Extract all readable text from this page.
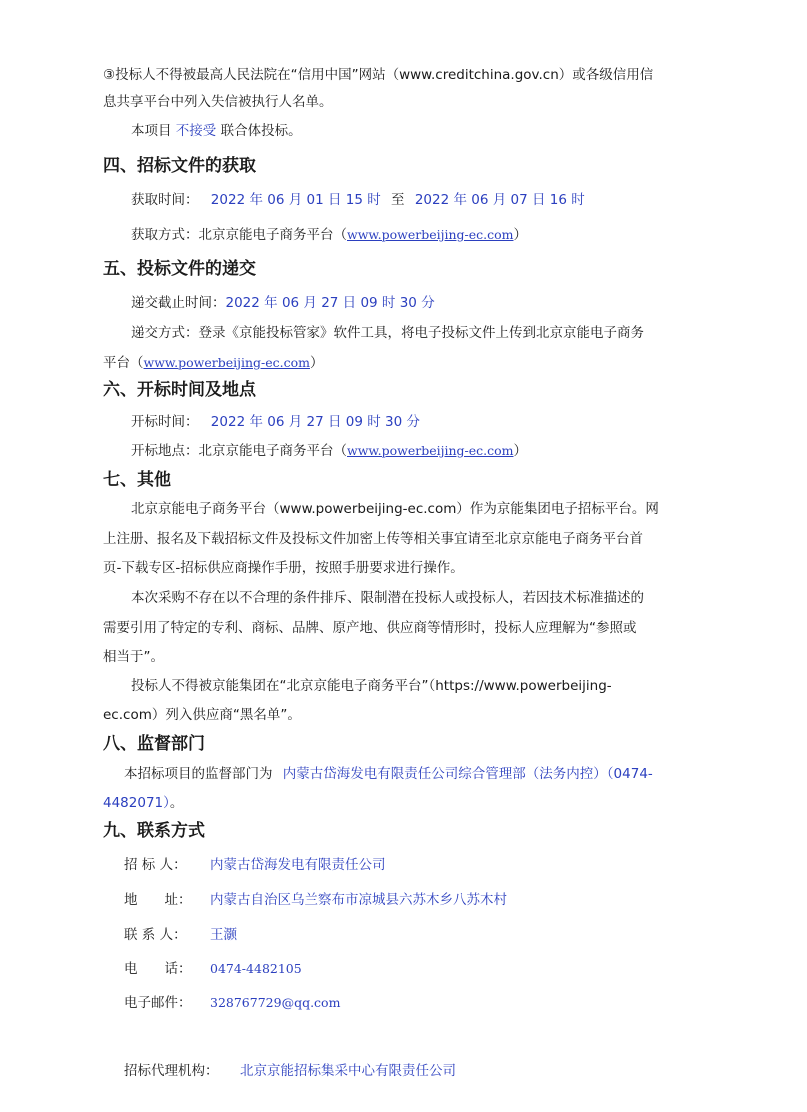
③投标人不得被最高人民法院在“信用中国”网站（www.creditchina.gov.cn）或各级信用信
息共享平台中列入失信被执行人名单。
本项目 不接受 联合体投标。
四、招标文件的获取
获取时间： 2022 年 06 月 01 日 15 时 至 2022 年 06 月 07 日 16 时
获取方式：北京京能电子商务平台（www.powerbeijing-ec.com）
五、投标文件的递交
递交截止时间：2022 年 06 月 27 日 09 时 30 分
递交方式：登录《京能投标管家》软件工具，将电子投标文件上传到北京京能电子商务
平台（www.powerbeijing-ec.com）
六、开标时间及地点
开标时间： 2022 年 06 月 27 日 09 时 30 分
开标地点：北京京能电子商务平台（www.powerbeijing-ec.com）
七、其他
北京京能电子商务平台（www.powerbeijing-ec.com）作为京能集团电子招标平台。网
上注册、报名及下载招标文件及投标文件加密上传等相关事宜请至北京京能电子商务平台首
页-下载专区-招标供应商操作手册，按照手册要求进行操作。
本次采购不存在以不合理的条件排斥、限制潜在投标人或投标人，若因技术标准描述的
需要引用了特定的专利、商标、品牌、原产地、供应商等情形时，投标人应理解为“参照或
相当于”。
投标人不得被京能集团在“北京京能电子商务平台”（https://www.powerbeijing-
ec.com）列入供应商“黑名单”。
八、监督部门
本招标项目的监督部门为 内蒙古岱海发电有限责任公司综合管理部（法务内控）（0474-
4482071）。
九、联系方式
招 标 人： 内蒙古岱海发电有限责任公司
地　　址： 内蒙古自治区乌兰察布市凉城县六苏木乡八苏木村
联 系 人： 王灏
电　　话： 0474-4482105
电子邮件： 328767729@qq.com
招标代理机构： 北京京能招标集采中心有限责任公司
